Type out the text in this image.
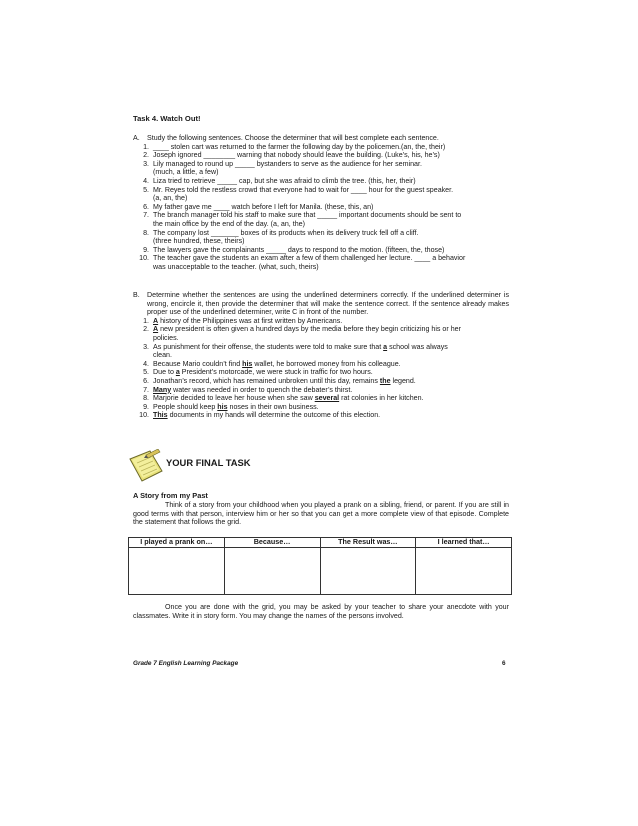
Task 4. Watch Out!
A.	Study the following sentences. Choose the determiner that will best complete each sentence.
1. ____ stolen cart was returned to the farmer the following day by the policemen.(an, the, their)
2. Joseph ignored ________ warning that nobody should leave the building. (Luke’s, his, he’s)
3. Lily managed to round up _____ bystanders to serve as the audience for her seminar.
(much, a little, a few)
4. Liza tried to retrieve _____ cap, but she was afraid to climb the tree. (this, her, their)
5. Mr. Reyes told the restless crowd that everyone had to wait for ____ hour for the guest speaker.
(a, an, the)
6. My father gave me ____ watch before I left for Manila. (these, this, an)
7. The branch manager told his staff to make sure that _____ important documents should be sent to
the main office by the end of the day. (a, an, the)
8. The company lost _______ boxes of its products when its delivery truck fell off a cliff.
(three hundred, these, theirs)
9. The lawyers gave the complainants _____ days to respond to the motion. (fifteen, the, those)
10. The teacher gave the students an exam after a few of them challenged her lecture. ____ a behavior
was unacceptable to the teacher. (what, such, theirs)
B.	Determine whether the sentences are using the underlined determiners correctly. If the underlined determiner is wrong, encircle it, then provide the determiner that will make the sentence correct. If the sentence already makes proper use of the underlined determiner, write C in front of the number.
1. A history of the Philippines was at first written by Americans.
2. A new president is often given a hundred days by the media before they begin criticizing his or her
policies.
3. As punishment for their offense, the students were told to make sure that a school was always
clean.
4. Because Mario couldn’t find his wallet, he borrowed money from his colleague.
5. Due to a President’s motorcade, we were stuck in traffic for two hours.
6. Jonathan’s record, which has remained unbroken until this day, remains the legend.
7. Many water was needed in order to quench the debater’s thirst.
8. Marjorie decided to leave her house when she saw several rat colonies in her kitchen.
9. People should keep his noses in their own business.
10. This documents in my hands will determine the outcome of this election.
YOUR FINAL TASK
A Story from my Past
Think of a story from your childhood when you played a prank on a sibling, friend, or parent. If you are still in good terms with that person, interview him or her so that you can get a more complete view of that episode. Complete the statement that follows the grid.
I played a prank on…	Because…	The Result was…	I learned that…

Once you are done with the grid, you may be asked by your teacher to share your anecdote with your classmates. Write it in story form. You may change the names of the persons involved.
Grade 7 English Learning Package	6
